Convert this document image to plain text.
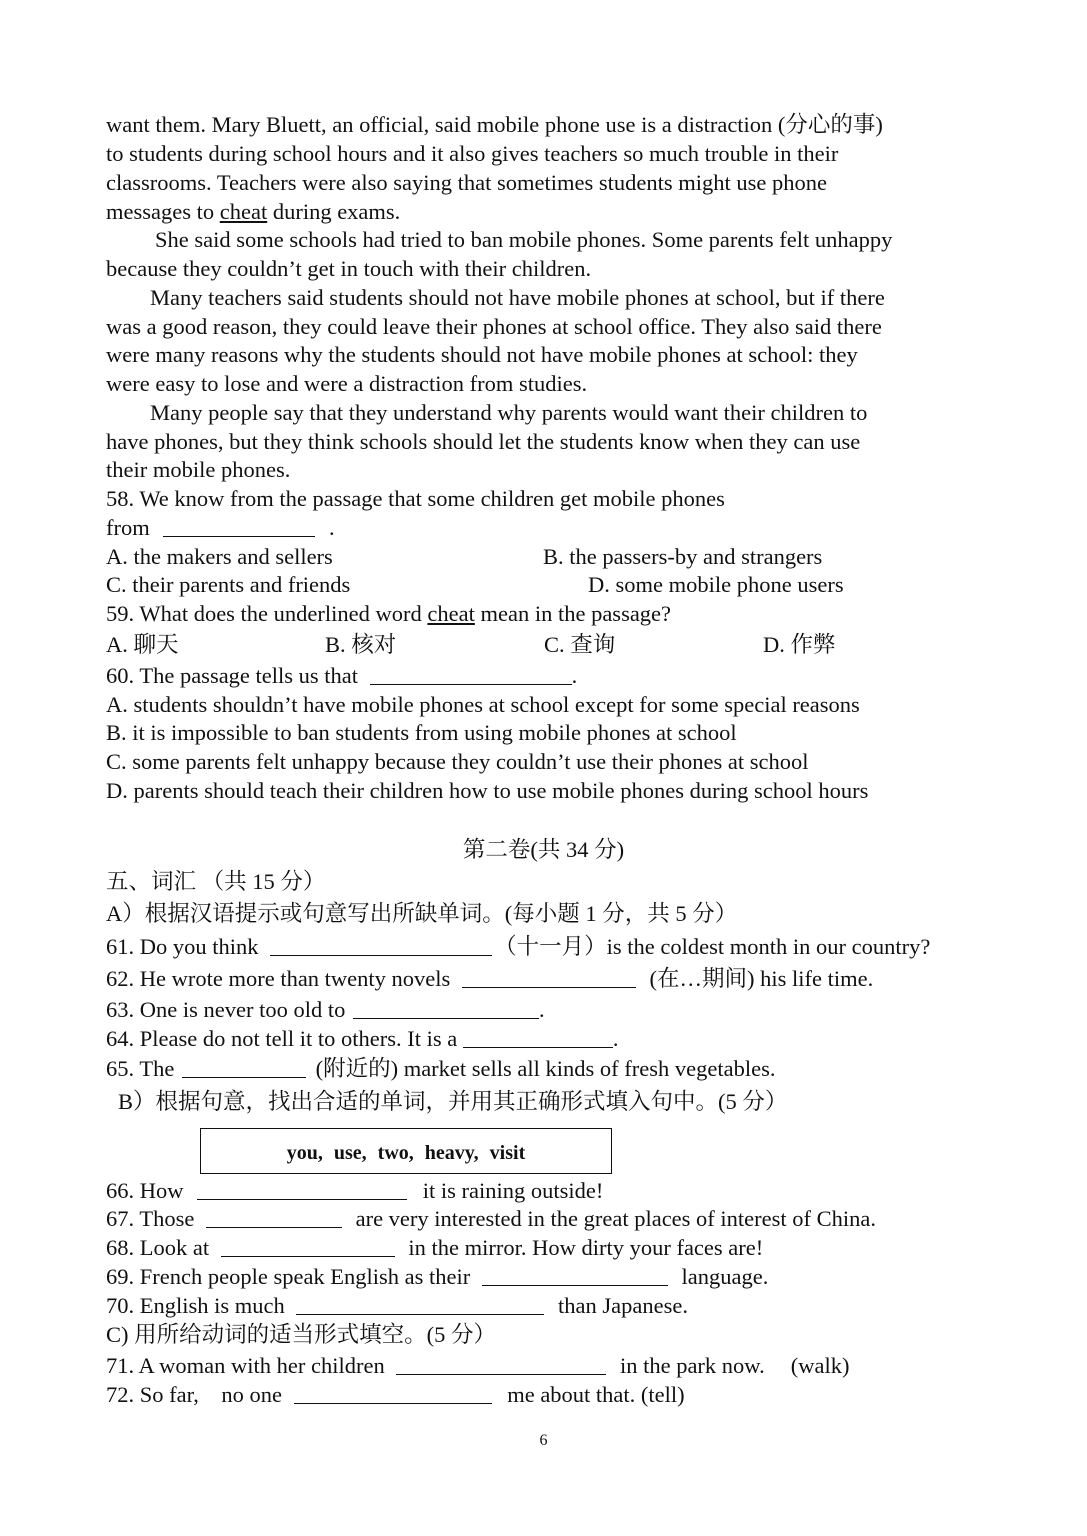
want them. Mary Bluett, an official, said mobile phone use is a distraction (分心的事)
to students during school hours and it also gives teachers so much trouble in their
classrooms. Teachers were also saying that sometimes students might use phone
messages to cheat during exams.
She said some schools had tried to ban mobile phones. Some parents felt unhappy
because they couldn’t get in touch with their children.
Many teachers said students should not have mobile phones at school, but if there
was a good reason, they could leave their phones at school office. They also said there
were many reasons why the students should not have mobile phones at school: they
were easy to lose and were a distraction from studies.
Many people say that they understand why parents would want their children to
have phones, but they think schools should let the students know when they can use
their mobile phones.
58. We know from the passage that some children get mobile phones
from	.
A. the makers and sellers	B. the passers-by and strangers
C. their parents and friends	D. some mobile phone users
59. What does the underlined word cheat mean in the passage?
A. 聊天	B. 核对	C. 查询	D. 作弊
60. The passage tells us that	.
A. students shouldn’t have mobile phones at school except for some special reasons
B. it is impossible to ban students from using mobile phones at school
C. some parents felt unhappy because they couldn’t use their phones at school
D. parents should teach their children how to use mobile phones during school hours
第二卷(共 34 分)
五、词汇 （共 15 分）
A）根据汉语提示或句意写出所缺单词。(每小题 1 分，共 5 分）
61. Do you think	（十一月）is the coldest month in our country?
62. He wrote more than twenty novels	(在…期间) his life time.
63. One is never too old to	.
64. Please do not tell it to others. It is a	.
65. The	(附近的) market sells all kinds of fresh vegetables.
B）根据句意，找出合适的单词，并用其正确形式填入句中。(5 分）
you, use, two, heavy, visit
66. How	it is raining outside!
67. Those	are very interested in the great places of interest of China.
68. Look at	in the mirror. How dirty your faces are!
69. French people speak English as their	language.
70. English is much	than Japanese.
C) 用所给动词的适当形式填空。(5 分）
71. A woman with her children	in the park now. (walk)
72. So far,    no one	me about that. (tell)
6
